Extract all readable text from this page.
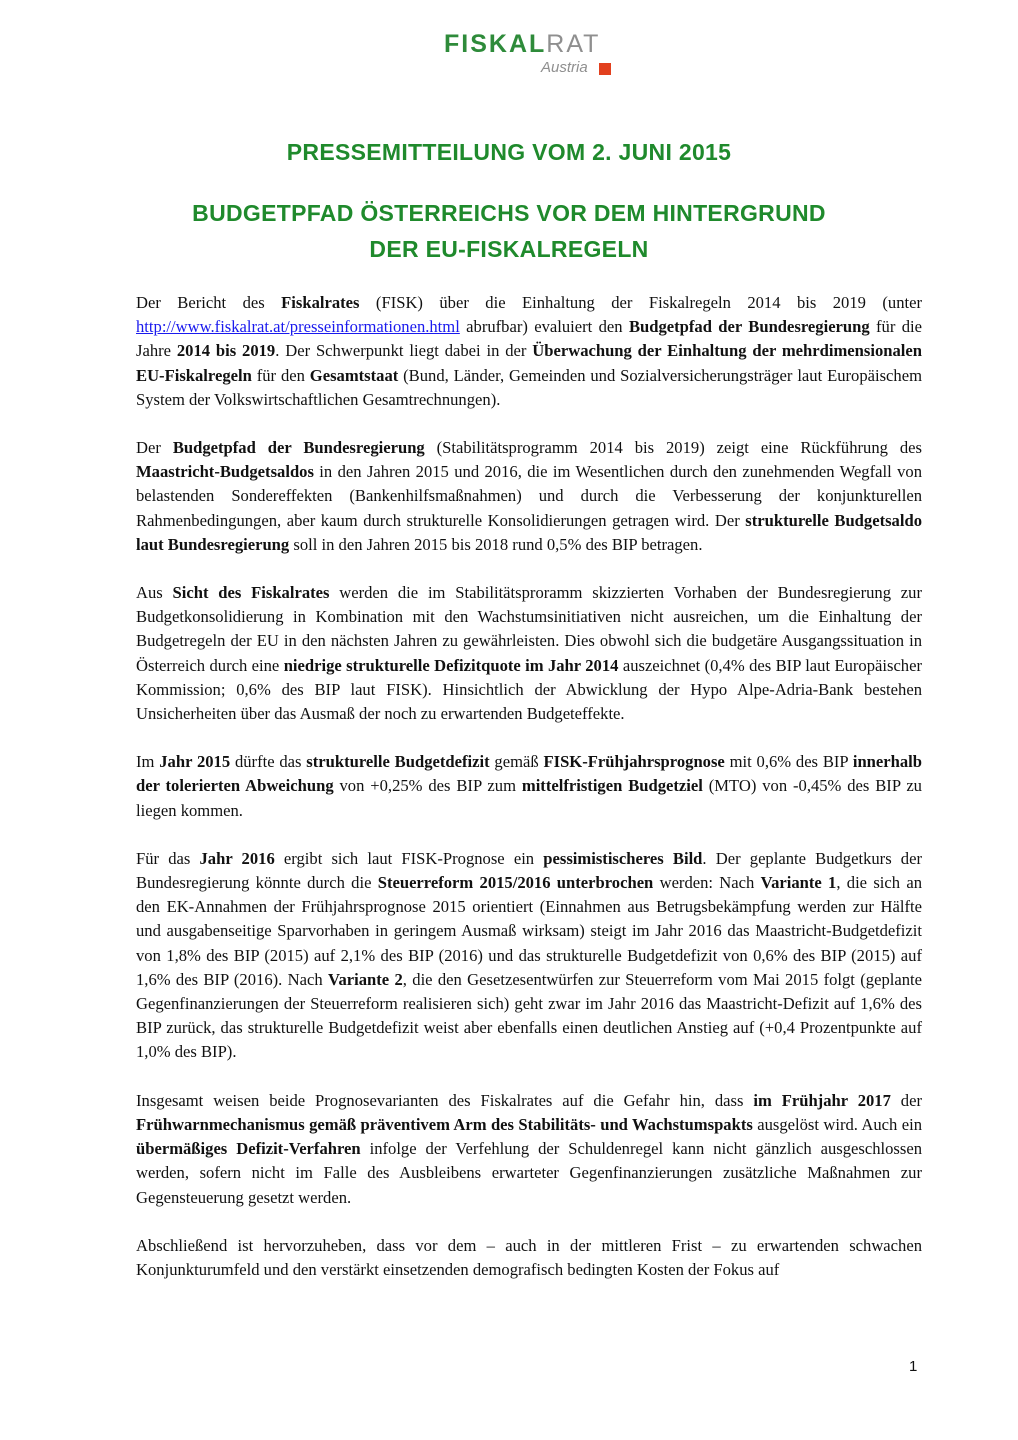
FISKALRAT
Austria
PRESSEMITTEILUNG VOM 2. JUNI 2015
BUDGETPFAD ÖSTERREICHS VOR DEM HINTERGRUND
DER EU-FISKALREGELN

Der Bericht des Fiskalrates (FISK) über die Einhaltung der Fiskalregeln 2014 bis 2019 (unter http://www.fiskalrat.at/presseinformationen.html abrufbar) evaluiert den Budgetpfad der Bundesregierung für die Jahre 2014 bis 2019. Der Schwerpunkt liegt dabei in der Überwachung der Einhaltung der mehrdimensionalen EU-Fiskalregeln für den Gesamtstaat (Bund, Länder, Gemeinden und Sozialversicherungsträger laut Europäischem System der Volkswirtschaftlichen Gesamtrechnungen).

Der Budgetpfad der Bundesregierung (Stabilitätsprogramm 2014 bis 2019) zeigt eine Rückführung des Maastricht-Budgetsaldos in den Jahren 2015 und 2016, die im Wesentlichen durch den zunehmenden Wegfall von belastenden Sondereffekten (Bankenhilfsmaßnahmen) und durch die Verbesserung der konjunkturellen Rahmenbedingungen, aber kaum durch strukturelle Konsolidierungen getragen wird. Der strukturelle Budgetsaldo laut Bundesregierung soll in den Jahren 2015 bis 2018 rund 0,5% des BIP betragen.

Aus Sicht des Fiskalrates werden die im Stabilitätsproramm skizzierten Vorhaben der Bundesregierung zur Budgetkonsolidierung in Kombination mit den Wachstumsinitiativen nicht ausreichen, um die Einhaltung der Budgetregeln der EU in den nächsten Jahren zu gewährleisten. Dies obwohl sich die budgetäre Ausgangssituation in Österreich durch eine niedrige strukturelle Defizitquote im Jahr 2014 auszeichnet (0,4% des BIP laut Europäischer Kommission; 0,6% des BIP laut FISK). Hinsichtlich der Abwicklung der Hypo Alpe-Adria-Bank bestehen Unsicherheiten über das Ausmaß der noch zu erwartenden Budgeteffekte.

Im Jahr 2015 dürfte das strukturelle Budgetdefizit gemäß FISK-Frühjahrsprognose mit 0,6% des BIP innerhalb der tolerierten Abweichung von +0,25% des BIP zum mittelfristigen Budgetziel (MTO) von -0,45% des BIP zu liegen kommen.

Für das Jahr 2016 ergibt sich laut FISK-Prognose ein pessimistischeres Bild. Der geplante Budgetkurs der Bundesregierung könnte durch die Steuerreform 2015/2016 unterbrochen werden: Nach Variante 1, die sich an den EK-Annahmen der Frühjahrsprognose 2015 orientiert (Einnahmen aus Betrugsbekämpfung werden zur Hälfte und ausgabenseitige Sparvorhaben in geringem Ausmaß wirksam) steigt im Jahr 2016 das Maastricht-Budgetdefizit von 1,8% des BIP (2015) auf 2,1% des BIP (2016) und das strukturelle Budgetdefizit von 0,6% des BIP (2015) auf 1,6% des BIP (2016). Nach Variante 2, die den Gesetzesentwürfen zur Steuerreform vom Mai 2015 folgt (geplante Gegenfinanzierungen der Steuerreform realisieren sich) geht zwar im Jahr 2016 das Maastricht-Defizit auf 1,6% des BIP zurück, das strukturelle Budgetdefizit weist aber ebenfalls einen deutlichen Anstieg auf (+0,4 Prozentpunkte auf 1,0% des BIP).

Insgesamt weisen beide Prognosevarianten des Fiskalrates auf die Gefahr hin, dass im Frühjahr 2017 der Frühwarnmechanismus gemäß präventivem Arm des Stabilitäts- und Wachstumspakts ausgelöst wird. Auch ein übermäßiges Defizit-Verfahren infolge der Verfehlung der Schuldenregel kann nicht gänzlich ausgeschlossen werden, sofern nicht im Falle des Ausbleibens erwarteter Gegenfinanzierungen zusätzliche Maßnahmen zur Gegensteuerung gesetzt werden.

Abschließend ist hervorzuheben, dass vor dem – auch in der mittleren Frist – zu erwartenden schwachen Konjunkturumfeld und den verstärkt einsetzenden demografisch bedingten Kosten der Fokus auf

1
